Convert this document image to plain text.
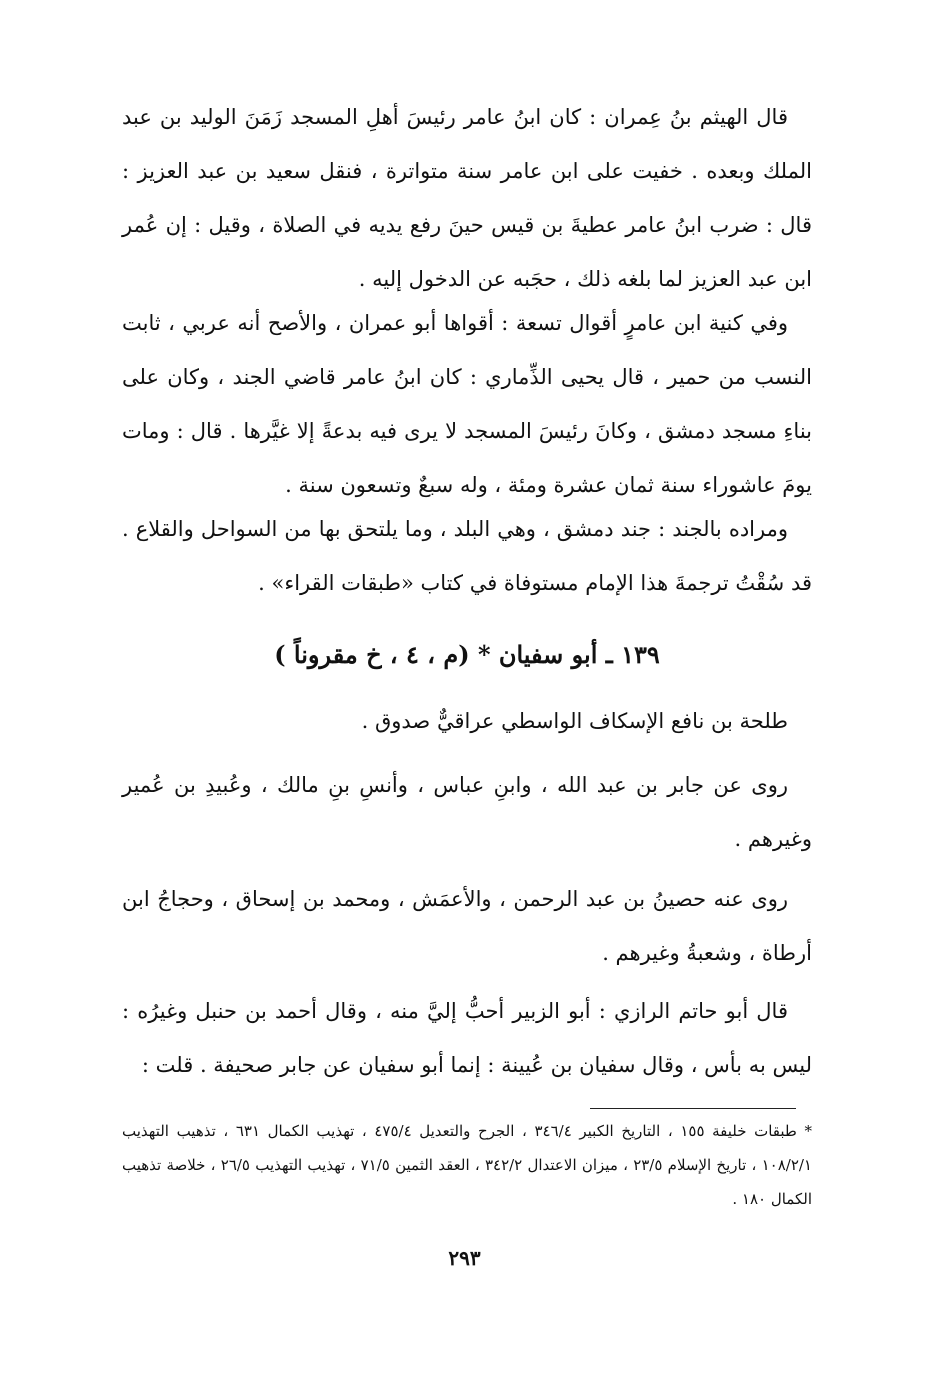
قال الهيثم بنُ عِمران : كان ابنُ عامر رئيسَ أهلِ المسجد زَمَنَ الوليد بن عبد الملك وبعده . خفيت على ابن عامر سنة متواترة ، فنقل سعيد بن عبد العزيز : قال : ضرب ابنُ عامر عطيةَ بن قيس حينَ رفع يديه في الصلاة ، وقيل : إن عُمر ابن عبد العزيز لما بلغه ذلك ، حجَبه عن الدخول إليه .

وفي كنية ابن عامرٍ أقوال تسعة : أقواها أبو عمران ، والأصح أنه عربي ، ثابت النسب من حمير ، قال يحيى الذِّماري : كان ابنُ عامر قاضي الجند ، وكان على بناءِ مسجد دمشق ، وكانَ رئيسَ المسجد لا يرى فيه بدعةً إلا غيَّرها . قال : ومات يومَ عاشوراء سنة ثمان عشرة ومئة ، وله سبعٌ وتسعون سنة .

ومراده بالجند : جند دمشق ، وهي البلد ، وما يلتحق بها من السواحل والقلاع . قد سُقْتُ ترجمةَ هذا الإمام مستوفاة في كتاب «طبقات القراء» .

١٣٩ ـ أبو سفيان * (م ، ٤ ، خ مقروناً )

طلحة بن نافع الإسكاف الواسطي عراقيٌّ صدوق .

روى عن جابر بن عبد الله ، وابنِ عباس ، وأنسِ بنِ مالك ، وعُبيدِ بن عُمير وغيرهم .

روى عنه حصينُ بن عبد الرحمن ، والأعمَش ، ومحمد بن إسحاق ، وحجاجُ ابن أرطاة ، وشعبةُ وغيرهم .

قال أبو حاتم الرازي : أبو الزبير أحبُّ إليَّ منه ، وقال أحمد بن حنبل وغيرُه : ليس به بأس ، وقال سفيان بن عُيينة : إنما أبو سفيان عن جابر صحيفة . قلت :

* طبقات خليفة ١٥٥ ، التاريخ الكبير ٣٤٦/٤ ، الجرح والتعديل ٤٧٥/٤ ، تهذيب الكمال ٦٣١ ، تذهيب التهذيب ١٠٨/٢/١ ، تاريخ الإسلام ٢٣/٥ ، ميزان الاعتدال ٣٤٢/٢ ، العقد الثمين ٧١/٥ ، تهذيب التهذيب ٢٦/٥ ، خلاصة تذهيب الكمال ١٨٠ .

٢٩٣
